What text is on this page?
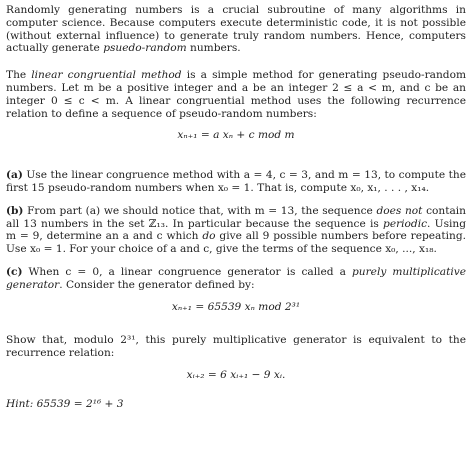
Randomly generating numbers is a crucial subroutine of many algorithms in computer science. Because computers execute deterministic code, it is not possible (without external influence) to generate truly random numbers. Hence, computers actually generate psuedo-random numbers.

The linear congruential method is a simple method for generating pseudo-random numbers. Let m be a positive integer and a be an integer 2 ≤ a < m, and c be an integer 0 ≤ c < m. A linear congruential method uses the following recurrence relation to define a sequence of pseudo-random numbers:

xₙ₊₁ = a xₙ + c mod m

(a) Use the linear congruence method with a = 4, c = 3, and m = 13, to compute the first 15 pseudo-random numbers when x₀ = 1. That is, compute x₀, x₁, . . . , x₁₄.

(b) From part (a) we should notice that, with m = 13, the sequence does not contain all 13 numbers in the set ℤ₁₃. In particular because the sequence is periodic. Using m = 9, determine an a and c which do give all 9 possible numbers before repeating. Use x₀ = 1. For your choice of a and c, give the terms of the sequence x₀, ..., x₁₈.

(c) When c = 0, a linear congruence generator is called a purely multiplicative generator. Consider the generator defined by:

xₙ₊₁ = 65539 xₙ mod 2³¹

Show that, modulo 2³¹, this purely multiplicative generator is equivalent to the recurrence relation:

xᵢ₊₂ = 6 xᵢ₊₁ − 9 xᵢ.

Hint: 65539 = 2¹⁶ + 3
